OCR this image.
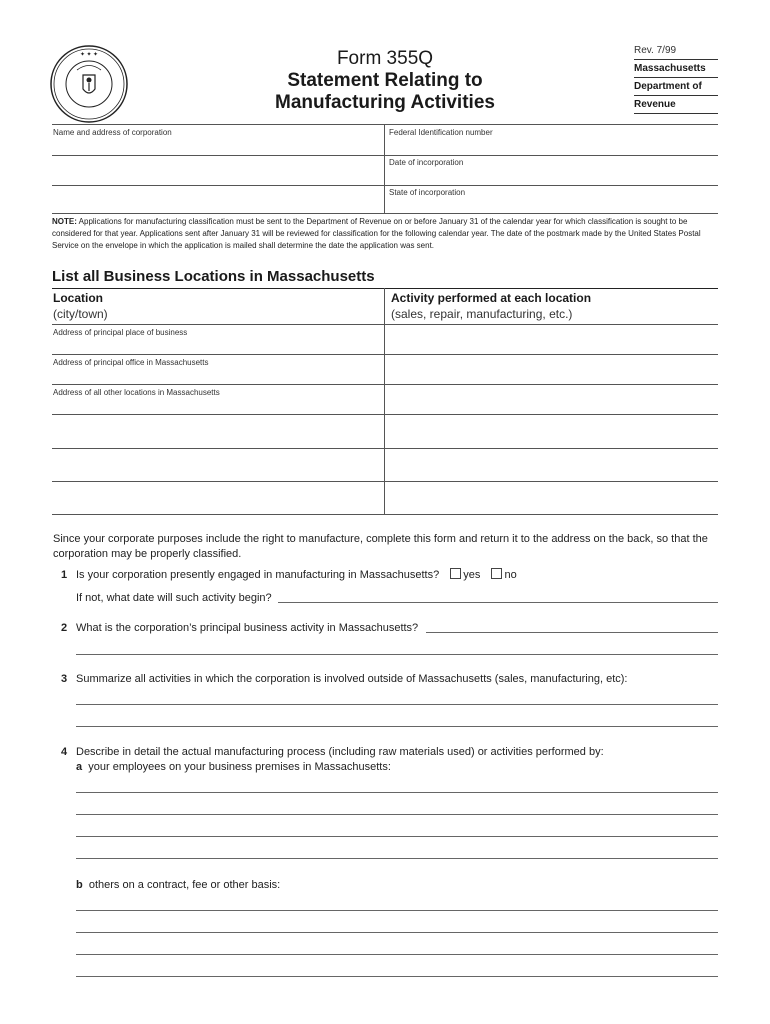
✦ ✦ ✦	Form 355Q
Statement Relating to
Manufacturing Activities
Rev. 7/99
Massachusetts
Department of
Revenue
Name and address of corporation	Federal Identification number
Date of incorporation
State of incorporation
NOTE: Applications for manufacturing classification must be sent to the Department of Revenue on or before January 31 of the calendar year for which classification is sought to be considered for that year. Applications sent after January 31 will be reviewed for classification for the following calendar year. The date of the postmark made by the United States Postal Service on the envelope in which the application is mailed shall determine the date the application was sent.
List all Business Locations in Massachusetts
Location
(city/town)
Activity performed at each location
(sales, repair, manufacturing, etc.)
Address of principal place of business
Address of principal office in Massachusetts
Address of all other locations in Massachusetts
Since your corporate purposes include the right to manufacture, complete this form and return it to the address on the back, so that the corporation may be properly classified.
1 Is your corporation presently engaged in manufacturing in Massachusetts? yes no
If not, what date will such activity begin?
2 What is the corporation’s principal business activity in Massachusetts?
3 Summarize all activities in which the corporation is involved outside of Massachusetts (sales, manufacturing, etc):
4 Describe in detail the actual manufacturing process (including raw materials used) or activities performed by:
a your employees on your business premises in Massachusetts:
b others on a contract, fee or other basis:
